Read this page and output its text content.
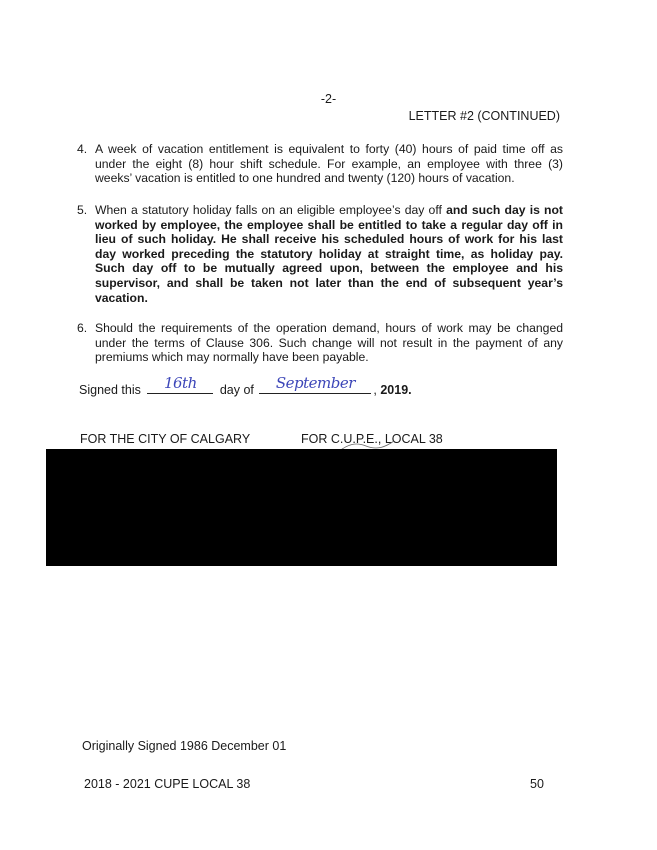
-2-
LETTER #2 (CONTINUED)
4. A week of vacation entitlement is equivalent to forty (40) hours of paid time off as under the eight (8) hour shift schedule. For example, an employee with three (3) weeks’ vacation is entitled to one hundred and twenty (120) hours of vacation.
5. When a statutory holiday falls on an eligible employee’s day off and such day is not worked by employee, the employee shall be entitled to take a regular day off in lieu of such holiday. He shall receive his scheduled hours of work for his last day worked preceding the statutory holiday at straight time, as holiday pay. Such day off to be mutually agreed upon, between the employee and his supervisor, and shall be taken not later than the end of subsequent year’s vacation.
6. Should the requirements of the operation demand, hours of work may be changed under the terms of Clause 306. Such change will not result in the payment of any premiums which may normally have been payable.
Signed this	16th	day of	September	, 2019.
FOR THE CITY OF CALGARY	FOR C.U.P.E., LOCAL 38
Originally Signed 1986 December 01
2018 - 2021 CUPE LOCAL 38	50
